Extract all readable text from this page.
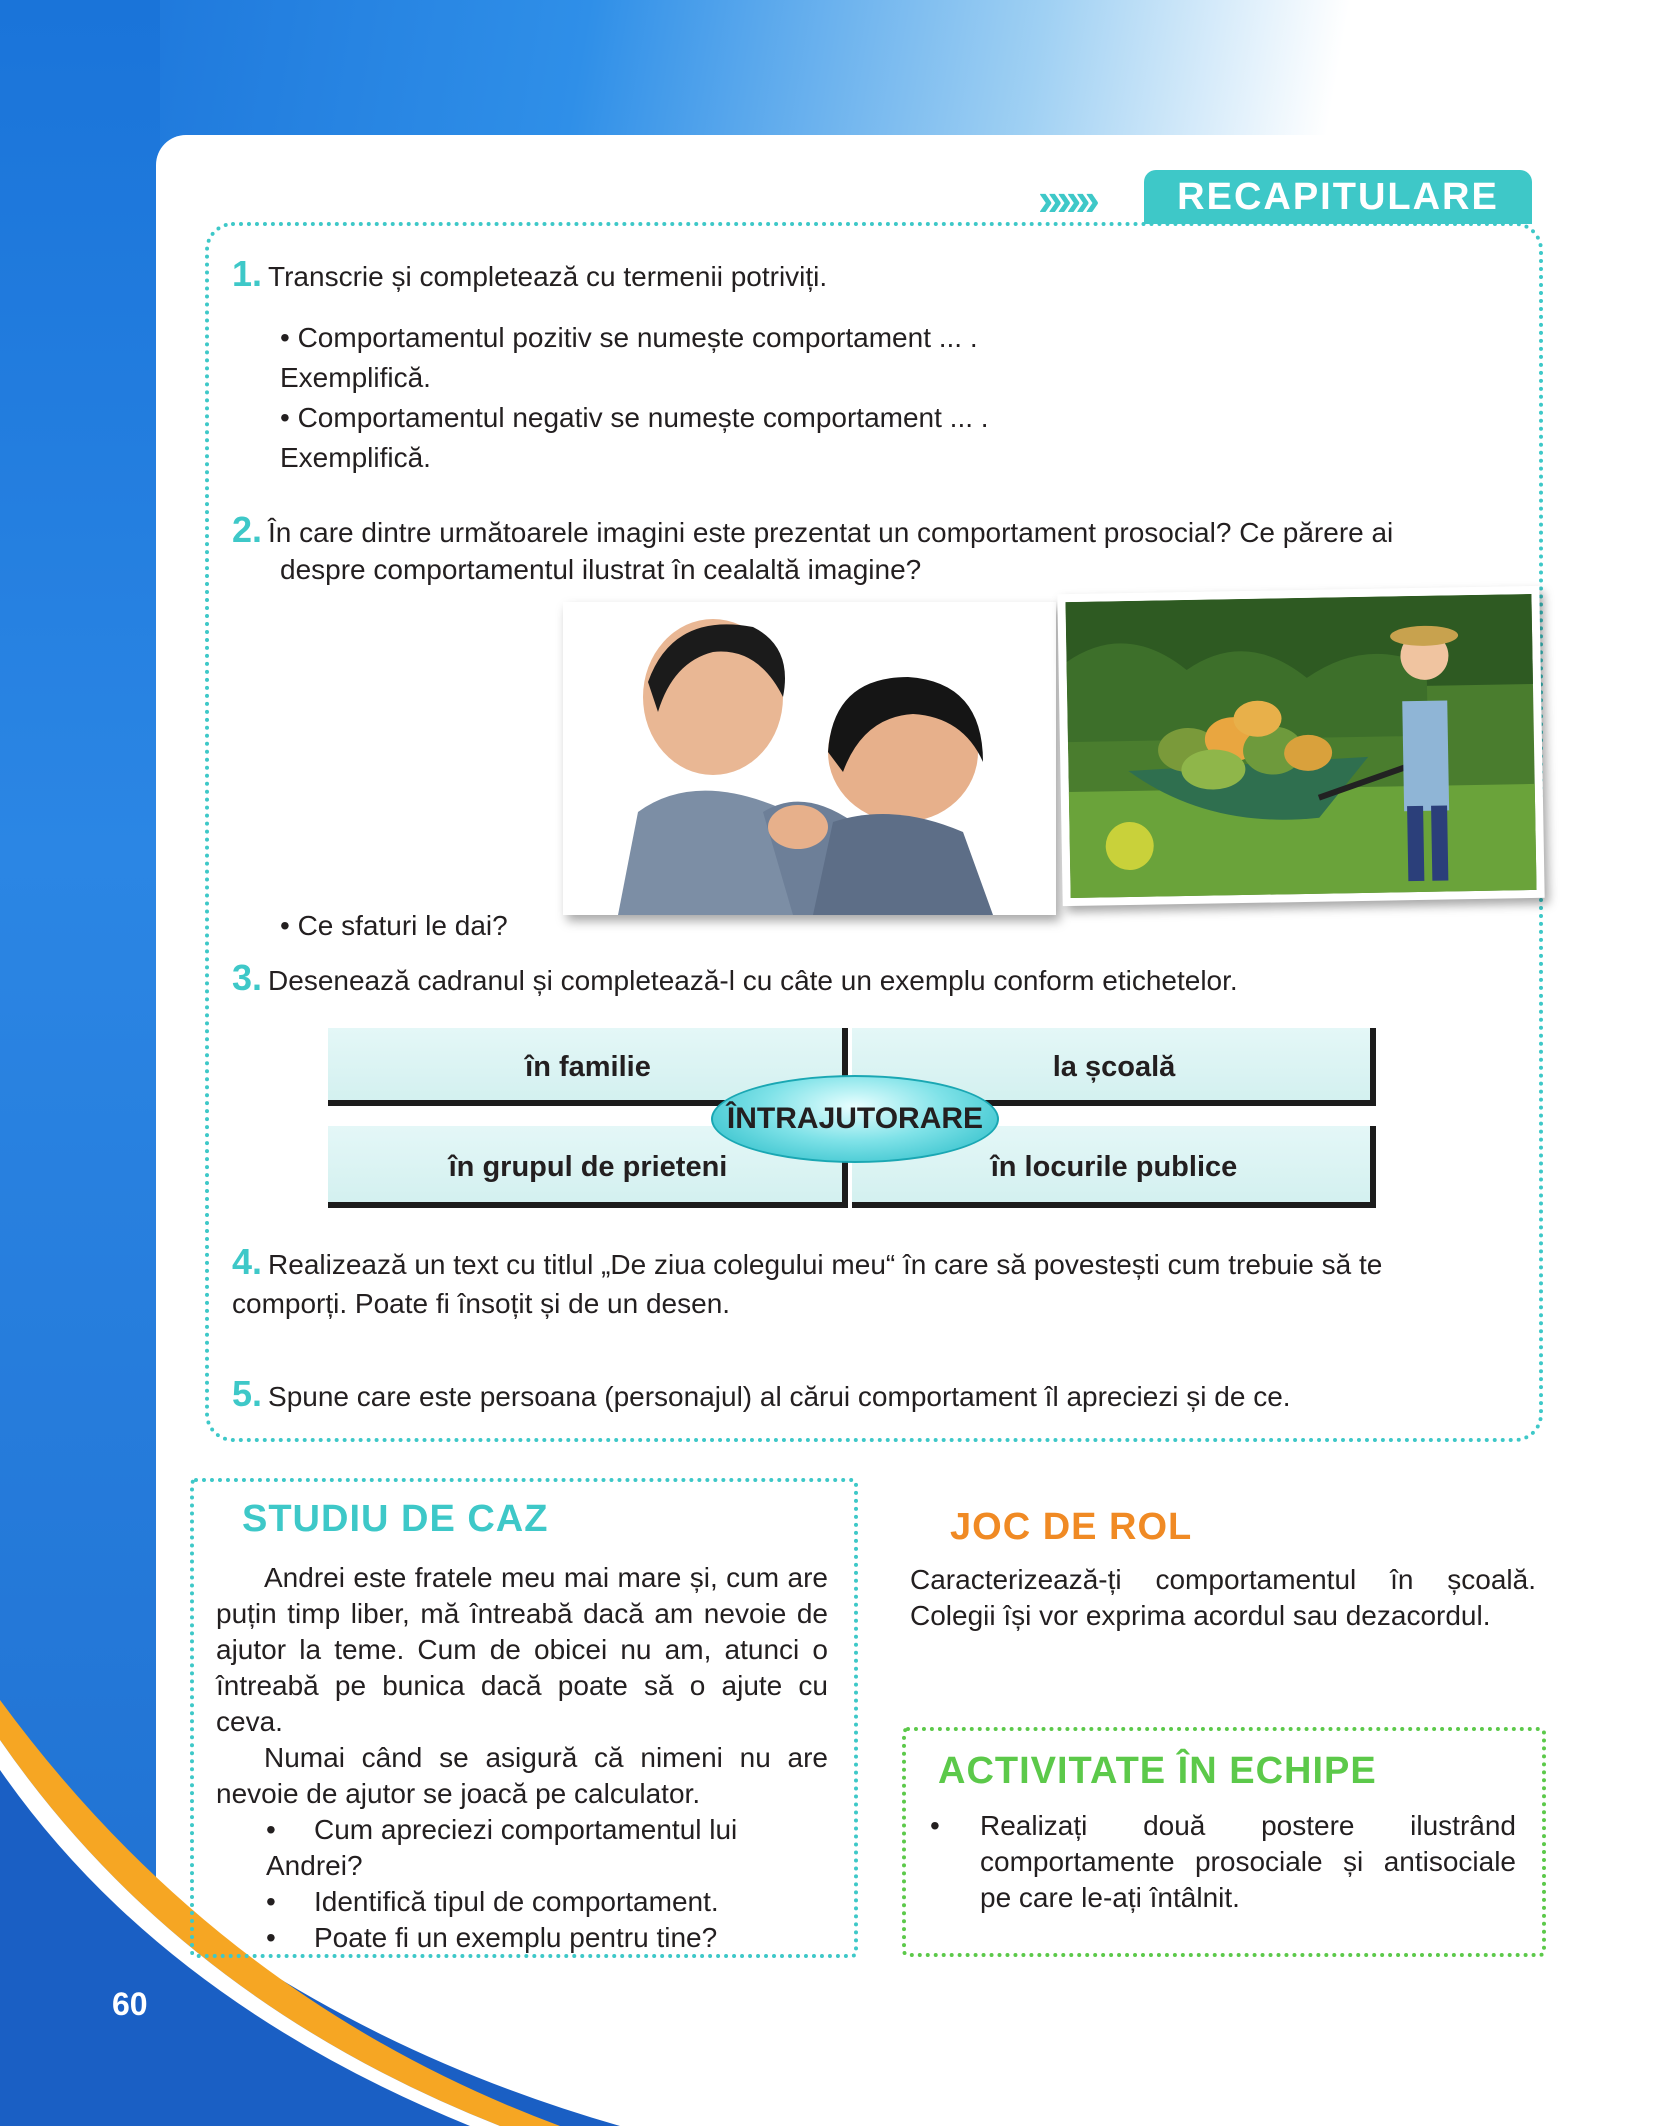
60
››››››	RECAPITULARE
1. Transcrie și completează cu termenii potriviți.
• Comportamentul pozitiv se numește comportament ... .
Exemplifică.
• Comportamentul negativ se numește comportament ... .
Exemplifică.
2. În care dintre următoarele imagini este prezentat un comportament prosocial? Ce părere ai
despre comportamentul ilustrat în cealaltă imagine?
• Ce sfaturi le dai?
3. Desenează cadranul și completează-l cu câte un exemplu conform etichetelor.
în familie	la școală
în grupul de prieteni	în locurile publice
ÎNTRAJUTORARE
4. Realizează un text cu titlul „De ziua colegului meu“ în care să povestești cum trebuie să te
comporți. Poate fi însoțit și de un desen.
5. Spune care este persoana (personajul) al cărui comportament îl apreciezi și de ce.
STUDIU DE CAZ
Andrei este fratele meu mai mare și, cum are puțin timp liber, mă întreabă dacă am nevoie de ajutor la teme. Cum de obicei nu am, atunci o întreabă pe bunica dacă poate să o ajute cu ceva.
Numai când se asigură că nimeni nu are nevoie de ajutor se joacă pe calculator.
• Cum apreciezi comportamentul lui Andrei?
• Identifică tipul de comportament.
• Poate fi un exemplu pentru tine?
JOC DE ROL
Caracterizează-ți comportamentul în școală. Colegii își vor exprima acordul sau dezacordul.
ACTIVITATE ÎN ECHIPE
•	Realizați două postere ilustrând comportamente prosociale și antisociale pe care le-ați întâlnit.
